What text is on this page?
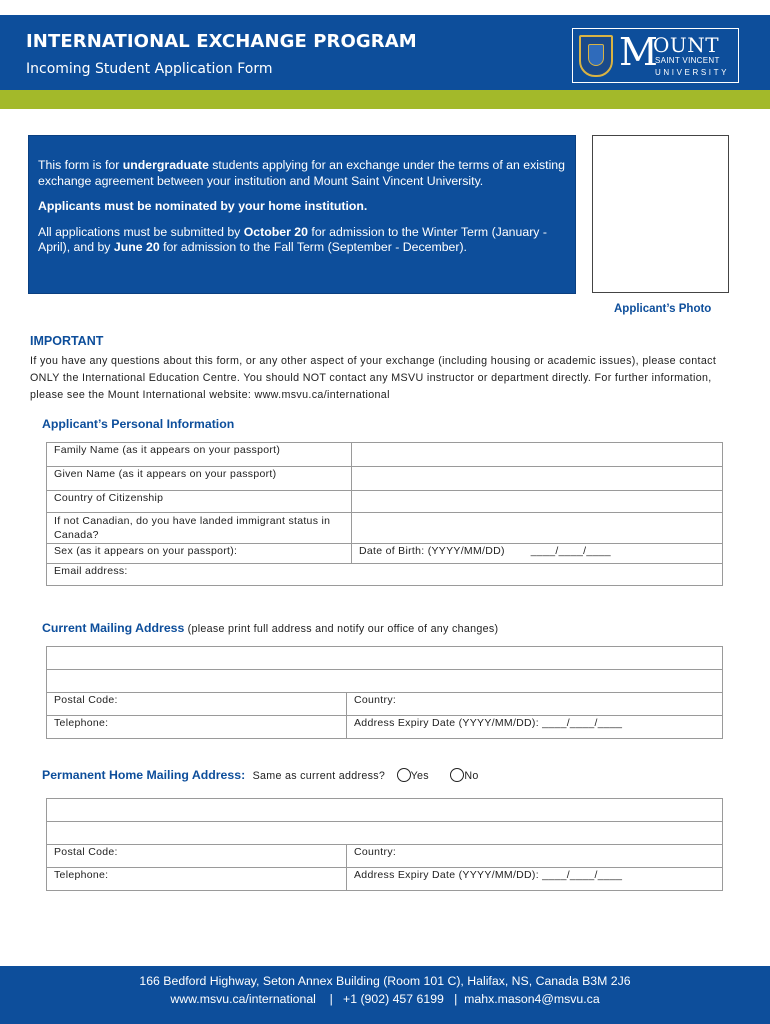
INTERNATIONAL EXCHANGE PROGRAM
Incoming Student Application Form	M
OUNT
SAINT VINCENT
UNIVERSITY

This form is for undergraduate students applying for an exchange under the terms of an existing exchange agreement between your institution and Mount Saint Vincent University.

Applicants must be nominated by your home institution.

All applications must be submitted by October 20 for admission to the Winter Term (January - April), and by June 20 for admission to the Fall Term (September - December).

Applicant’s Photo
IMPORTANT
If you have any questions about this form, or any other aspect of your exchange (including housing or academic issues), please contact ONLY the International Education Centre. You should NOT contact any MSVU instructor or department directly. For further information, please see the Mount International website: www.msvu.ca/international
Applicant’s Personal Information
Family Name (as it appears on your passport)	
Given Name (as it appears on your passport)	
Country of Citizenship	
If not Canadian, do you have landed immigrant status in Canada?	
Sex (as it appears on your passport):	Date of Birth: (YYYY/MM/DD) ____/____/____
Email address:	
Current Mailing Address (please print full address and notify our office of any changes)

Postal Code:	Country:
Telephone:	Address Expiry Date (YYYY/MM/DD): ____/____/____
Permanent Home Mailing Address: Same as current address? Yes	No

Postal Code:	Country:
Telephone:	Address Expiry Date (YYYY/MM/DD): ____/____/____
166 Bedford Highway, Seton Annex Building (Room 101 C), Halifax, NS, Canada B3M 2J6
www.msvu.ca/international    |   +1 (902) 457 6199   |  mahx.mason4@msvu.ca
